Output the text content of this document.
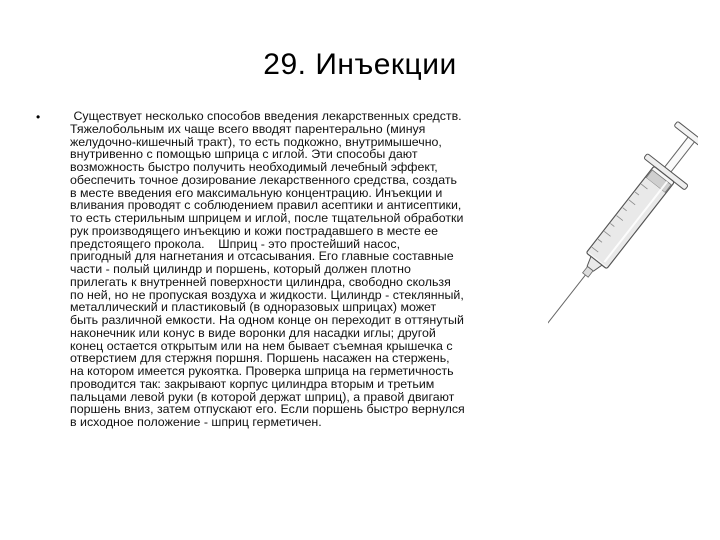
29. Инъекции
• Существует несколько способов введения лекарственных средств.
Тяжелобольным их чаще всего вводят парентерально (минуя
желудочно-кишечный тракт), то есть подкожно, внутримышечно,
внутривенно с помощью шприца с иглой. Эти способы дают
возможность быстро получить необходимый лечебный эффект,
обеспечить точное дозирование лекарственного средства, создать
в месте введения его максимальную концентрацию. Инъекции и
вливания проводят с соблюдением правил асептики и антисептики,
то есть стерильным шприцем и иглой, после тщательной обработки
рук производящего инъекцию и кожи пострадавшего в месте ее
предстоящего прокола.    Шприц - это простейший насос,
пригодный для нагнетания и отсасывания. Его главные составные
части - полый цилиндр и поршень, который должен плотно
прилегать к внутренней поверхности цилиндра, свободно скользя
по ней, но не пропуская воздуха и жидкости. Цилиндр - стеклянный,
металлический и пластиковый (в одноразовых шприцах) может
быть различной емкости. На одном конце он переходит в оттянутый
наконечник или конус в виде воронки для насадки иглы; другой
конец остается открытым или на нем бывает съемная крышечка с
отверстием для стержня поршня. Поршень насажен на стержень,
на котором имеется рукоятка. Проверка шприца на герметичность
проводится так: закрывают корпус цилиндра вторым и третьим
пальцами левой руки (в которой держат шприц), а правой двигают
поршень вниз, затем отпускают его. Если поршень быстро вернулся
в исходное положение - шприц герметичен.
